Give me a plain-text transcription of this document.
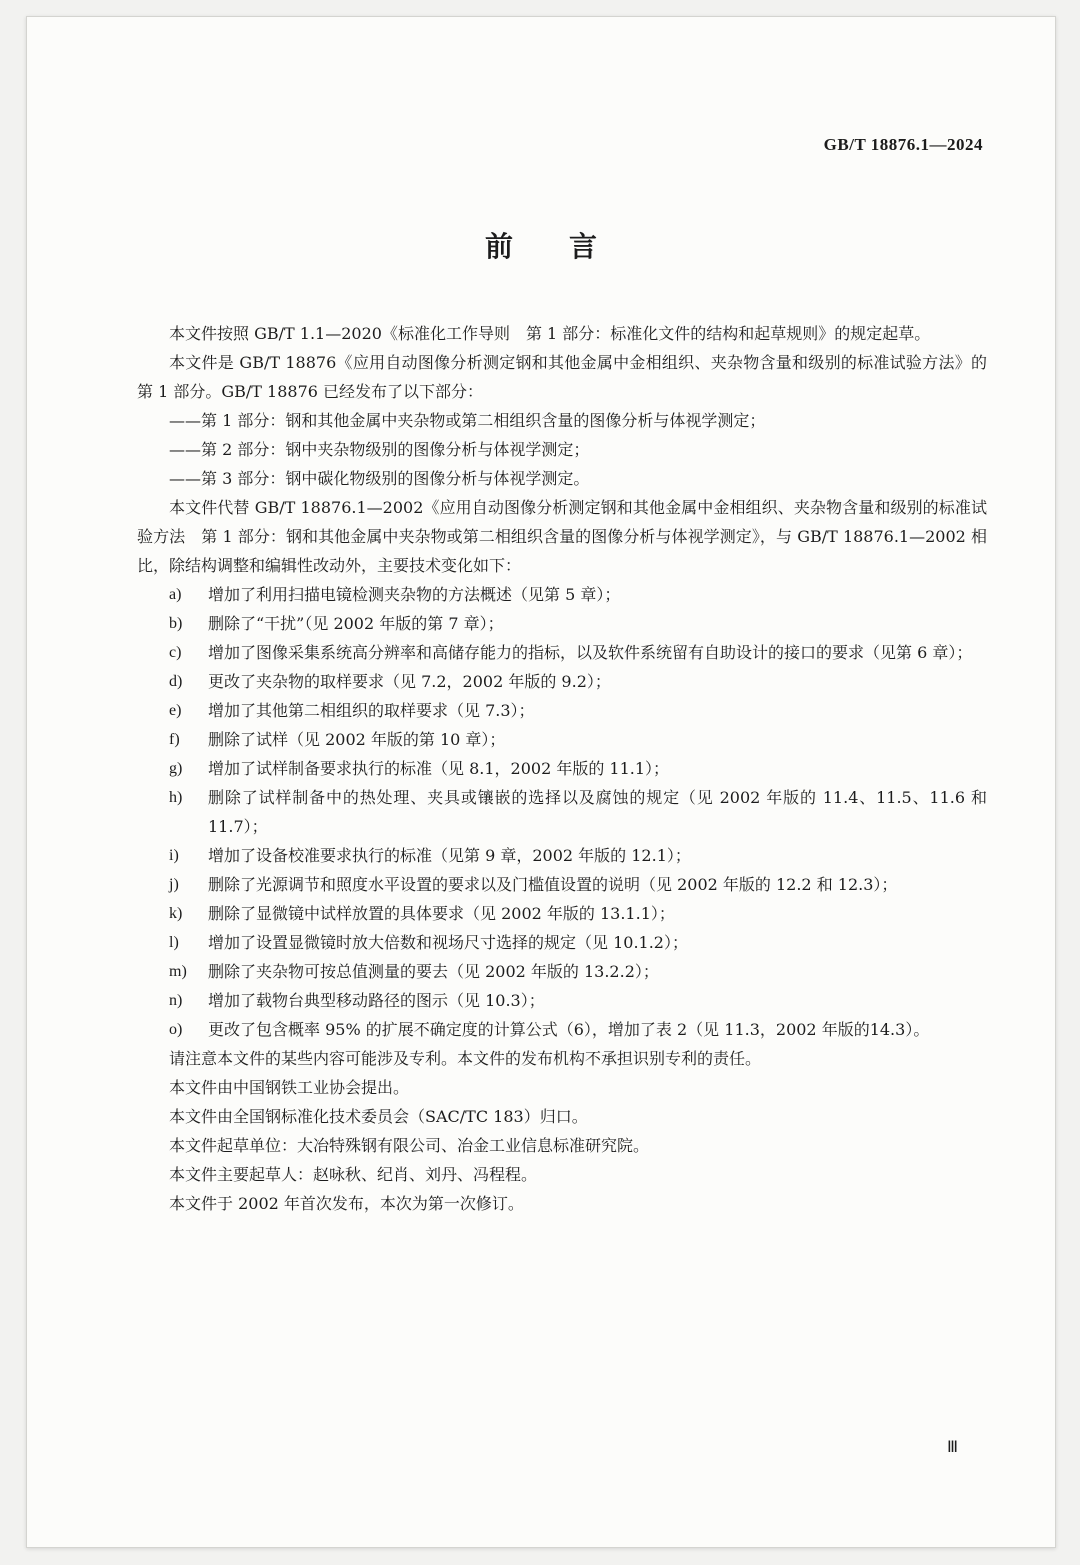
GB/T 18876.1—2024
前言

本文件按照 GB/T 1.1—2020《标准化工作导则　第 1 部分：标准化文件的结构和起草规则》的规定起草。

本文件是 GB/T 18876《应用自动图像分析测定钢和其他金属中金相组织、夹杂物含量和级别的标准试验方法》的第 1 部分。GB/T 18876 已经发布了以下部分：

——第 1 部分：钢和其他金属中夹杂物或第二相组织含量的图像分析与体视学测定；

——第 2 部分：钢中夹杂物级别的图像分析与体视学测定；

——第 3 部分：钢中碳化物级别的图像分析与体视学测定。

本文件代替 GB/T 18876.1—2002《应用自动图像分析测定钢和其他金属中金相组织、夹杂物含量和级别的标准试验方法　第 1 部分：钢和其他金属中夹杂物或第二相组织含量的图像分析与体视学测定》，与 GB/T 18876.1—2002 相比，除结构调整和编辑性改动外，主要技术变化如下：

a)	增加了利用扫描电镜检测夹杂物的方法概述（见第 5 章）；
b)	删除了“干扰”（见 2002 年版的第 7 章）；
c)	增加了图像采集系统高分辨率和高储存能力的指标，以及软件系统留有自助设计的接口的要求（见第 6 章）；
d)	更改了夹杂物的取样要求（见 7.2，2002 年版的 9.2）；
e)	增加了其他第二相组织的取样要求（见 7.3）；
f)	删除了试样（见 2002 年版的第 10 章）；
g)	增加了试样制备要求执行的标准（见 8.1，2002 年版的 11.1）；
h)	删除了试样制备中的热处理、夹具或镶嵌的选择以及腐蚀的规定（见 2002 年版的 11.4、11.5、11.6 和 11.7）；
i)	增加了设备校准要求执行的标准（见第 9 章，2002 年版的 12.1）；
j)	删除了光源调节和照度水平设置的要求以及门槛值设置的说明（见 2002 年版的 12.2 和 12.3）；
k)	删除了显微镜中试样放置的具体要求（见 2002 年版的 13.1.1）；
l)	增加了设置显微镜时放大倍数和视场尺寸选择的规定（见 10.1.2）；
m)	删除了夹杂物可按总值测量的要去（见 2002 年版的 13.2.2）；
n)	增加了载物台典型移动路径的图示（见 10.3）；
o)	更改了包含概率 95% 的扩展不确定度的计算公式（6），增加了表 2（见 11.3，2002 年版的14.3）。

请注意本文件的某些内容可能涉及专利。本文件的发布机构不承担识别专利的责任。

本文件由中国钢铁工业协会提出。

本文件由全国钢标准化技术委员会（SAC/TC 183）归口。

本文件起草单位：大冶特殊钢有限公司、冶金工业信息标准研究院。

本文件主要起草人：赵咏秋、纪肖、刘丹、冯程程。

本文件于 2002 年首次发布，本次为第一次修订。

Ⅲ
